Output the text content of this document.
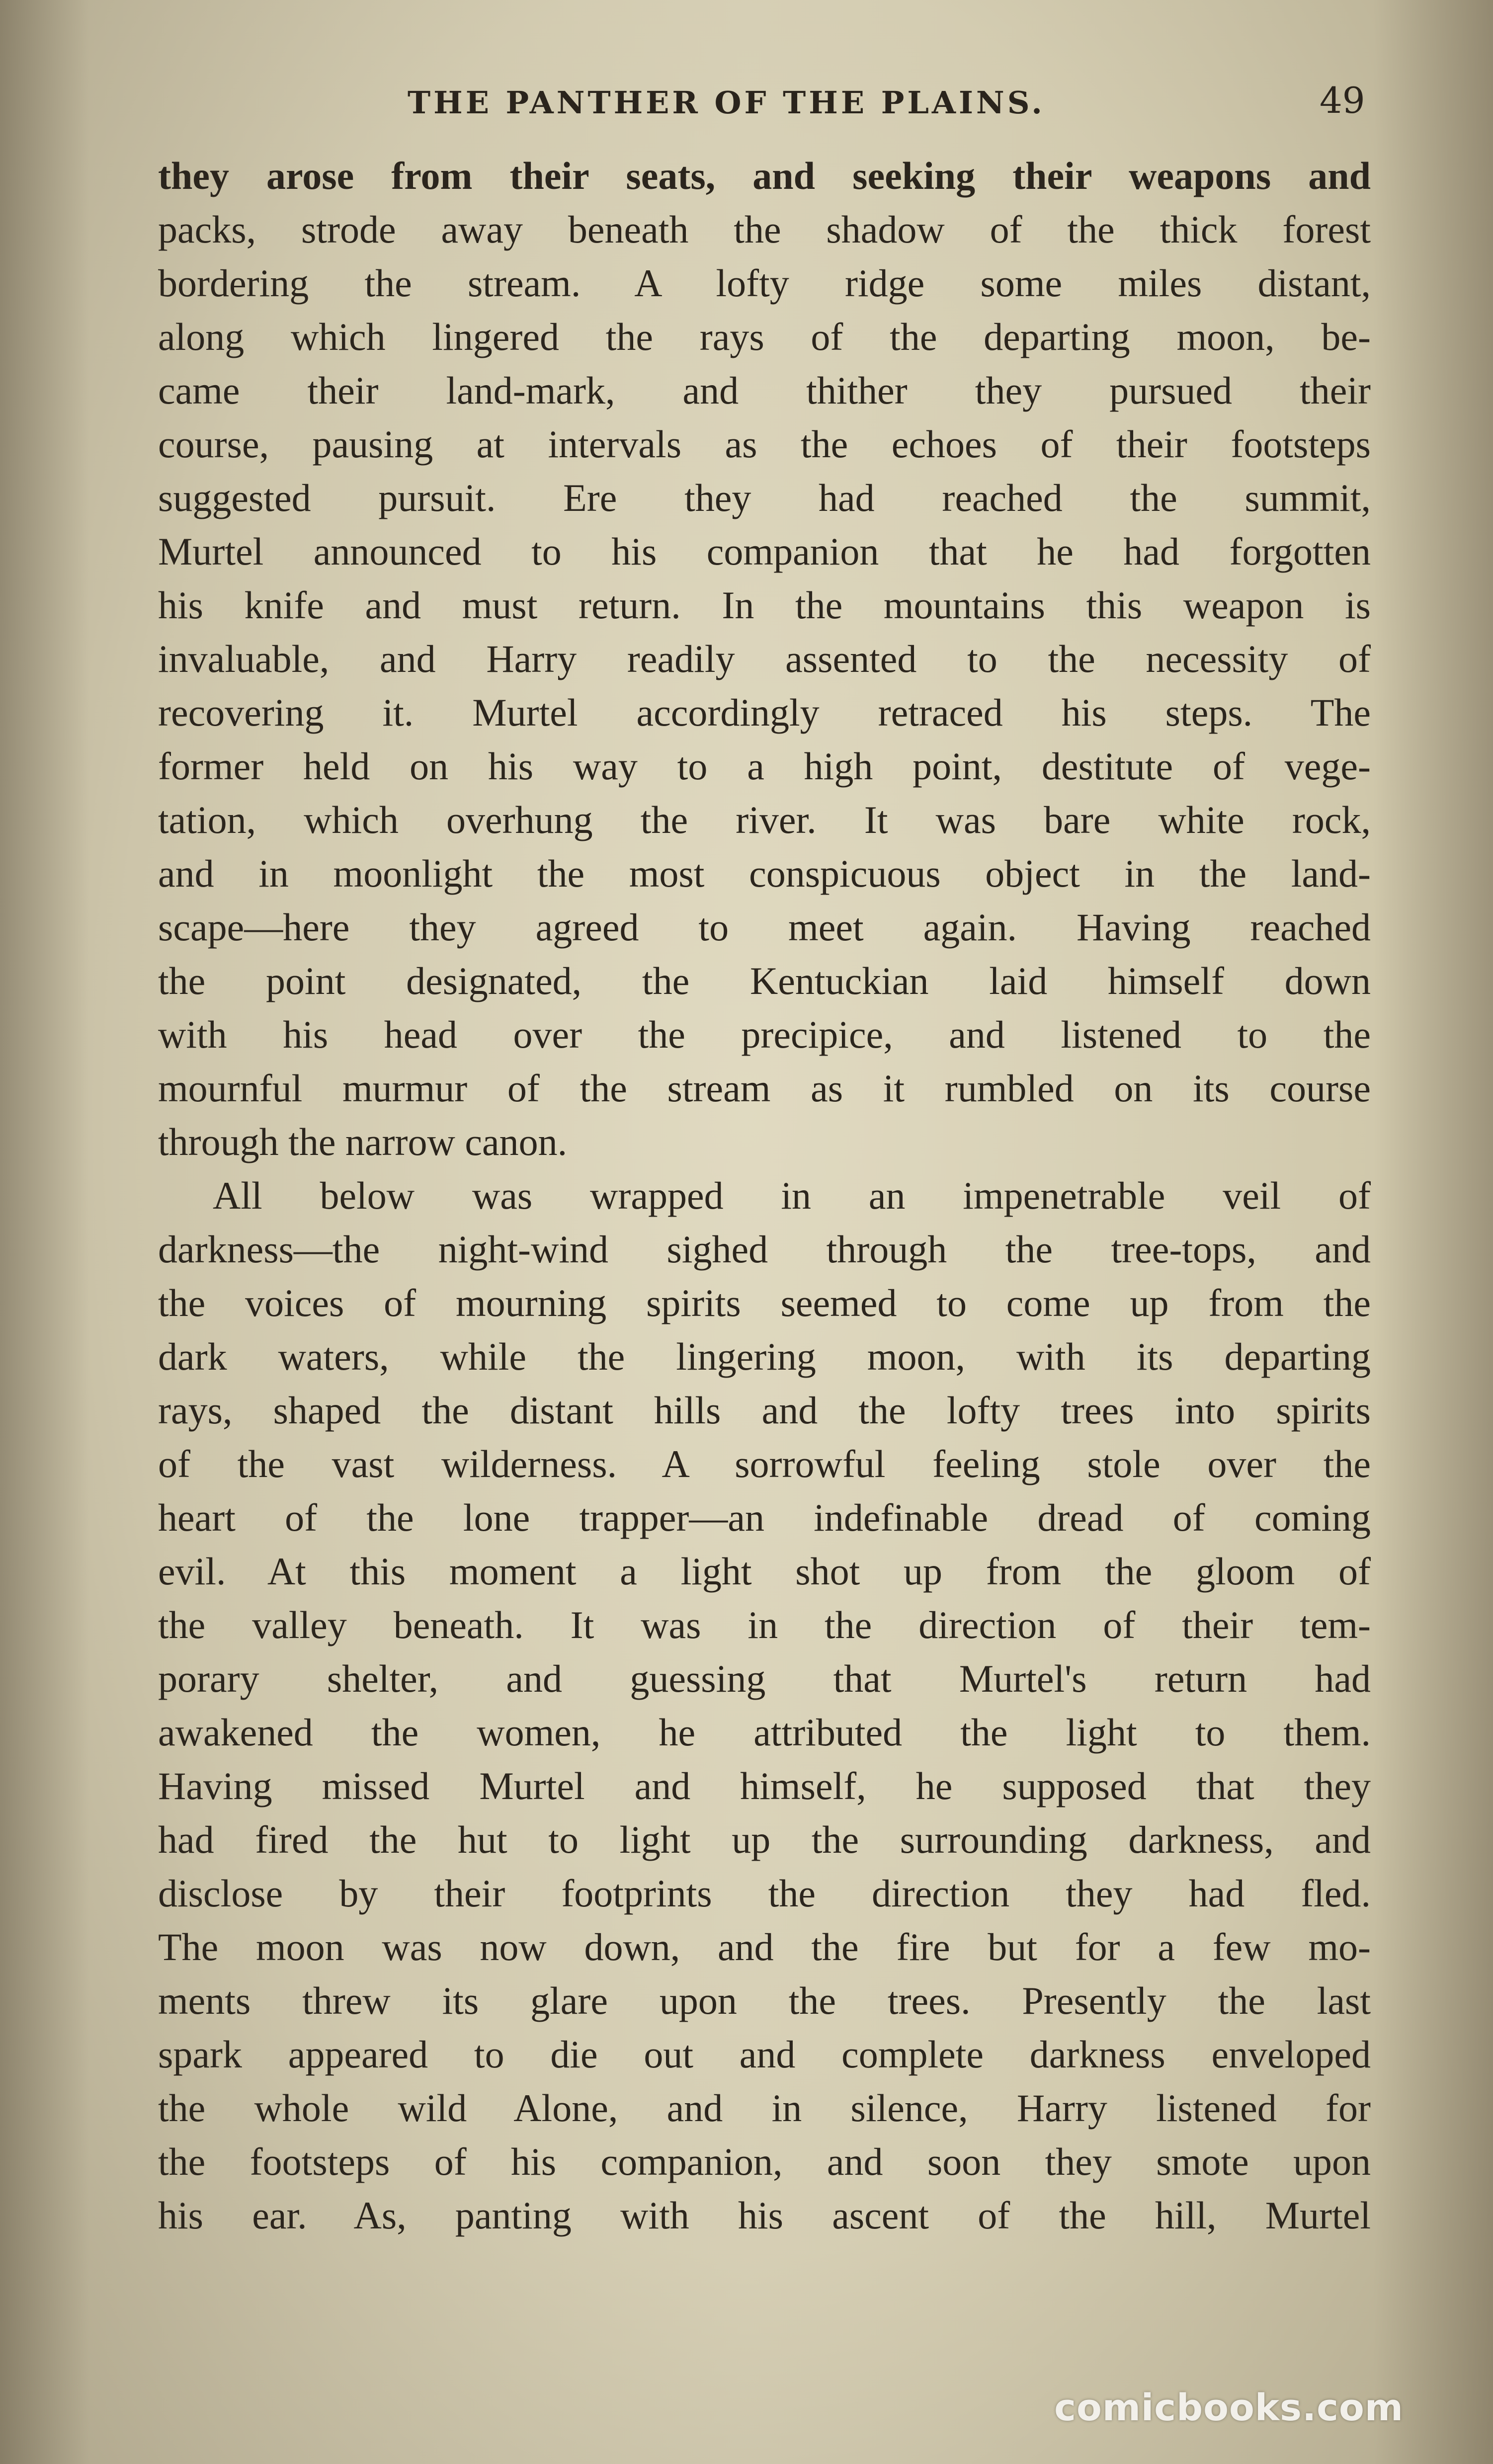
THE PANTHER OF THE PLAINS.	49
they arose from their seats, and seeking their weapons and
packs, strode away beneath the shadow of the thick forest
bordering the stream. A lofty ridge some miles distant,
along which lingered the rays of the departing moon, be-
came their land-mark, and thither they pursued their
course, pausing at intervals as the echoes of their footsteps
suggested pursuit. Ere they had reached the summit,
Murtel announced to his companion that he had forgotten
his knife and must return. In the mountains this weapon is
invaluable, and Harry readily assented to the necessity of
recovering it. Murtel accordingly retraced his steps. The
former held on his way to a high point, destitute of vege-
tation, which overhung the river. It was bare white rock,
and in moonlight the most conspicuous object in the land-
scape—here they agreed to meet again. Having reached
the point designated, the Kentuckian laid himself down
with his head over the precipice, and listened to the
mournful murmur of the stream as it rumbled on its course
through the narrow canon.
All below was wrapped in an impenetrable veil of
darkness—the night-wind sighed through the tree-tops, and
the voices of mourning spirits seemed to come up from the
dark waters, while the lingering moon, with its departing
rays, shaped the distant hills and the lofty trees into spirits
of the vast wilderness. A sorrowful feeling stole over the
heart of the lone trapper—an indefinable dread of coming
evil. At this moment a light shot up from the gloom of
the valley beneath. It was in the direction of their tem-
porary shelter, and guessing that Murtel's return had
awakened the women, he attributed the light to them.
Having missed Murtel and himself, he supposed that they
had fired the hut to light up the surrounding darkness, and
disclose by their footprints the direction they had fled.
The moon was now down, and the fire but for a few mo-
ments threw its glare upon the trees. Presently the last
spark appeared to die out and complete darkness enveloped
the whole wild Alone, and in silence, Harry listened for
the footsteps of his companion, and soon they smote upon
his ear. As, panting with his ascent of the hill, Murtel
comicbooks.com
